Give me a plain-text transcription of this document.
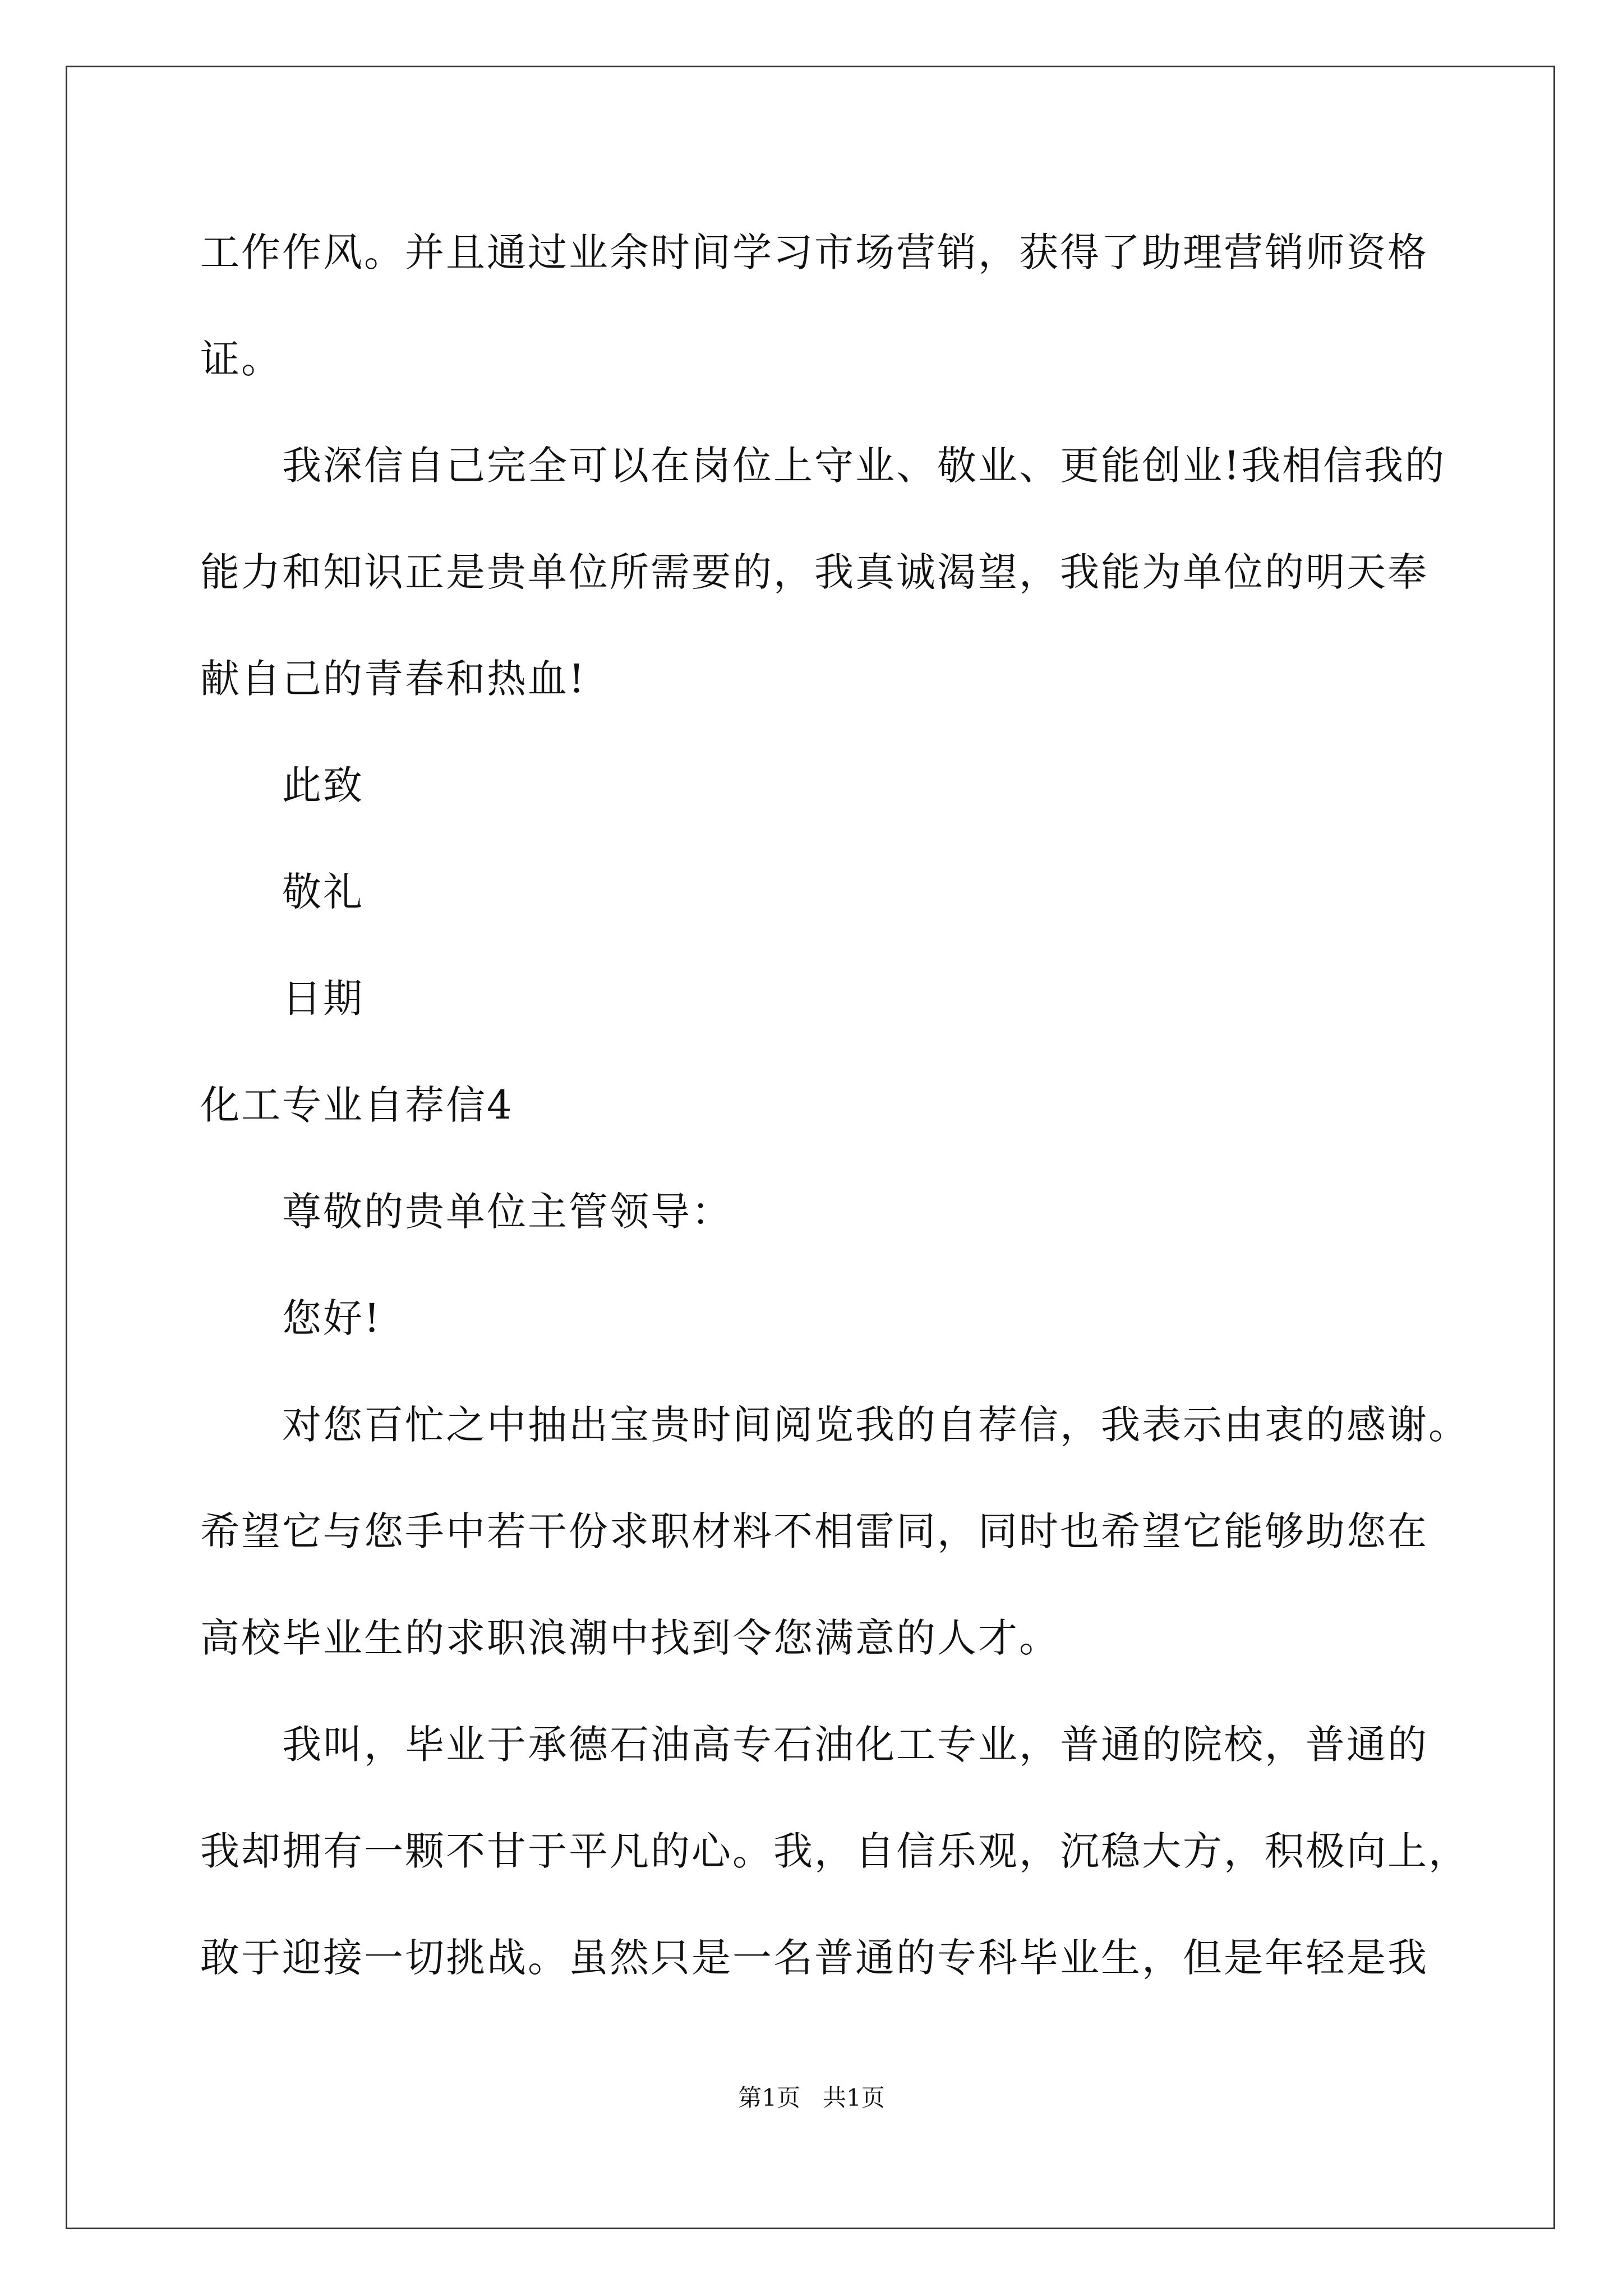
工作作风。并且通过业余时间学习市场营销，获得了助理营销师资格
证。
我深信自己完全可以在岗位上守业、敬业、更能创业!我相信我的
能力和知识正是贵单位所需要的，我真诚渴望，我能为单位的明天奉
献自己的青春和热血!
此致
敬礼
日期
化工专业自荐信4
尊敬的贵单位主管领导：
您好!
对您百忙之中抽出宝贵时间阅览我的自荐信，我表示由衷的感谢。
希望它与您手中若干份求职材料不相雷同，同时也希望它能够助您在
高校毕业生的求职浪潮中找到令您满意的人才。
我叫，毕业于承德石油高专石油化工专业，普通的院校，普通的
我却拥有一颗不甘于平凡的心。我，自信乐观，沉稳大方，积极向上，
敢于迎接一切挑战。虽然只是一名普通的专科毕业生，但是年轻是我
第1页   共1页
